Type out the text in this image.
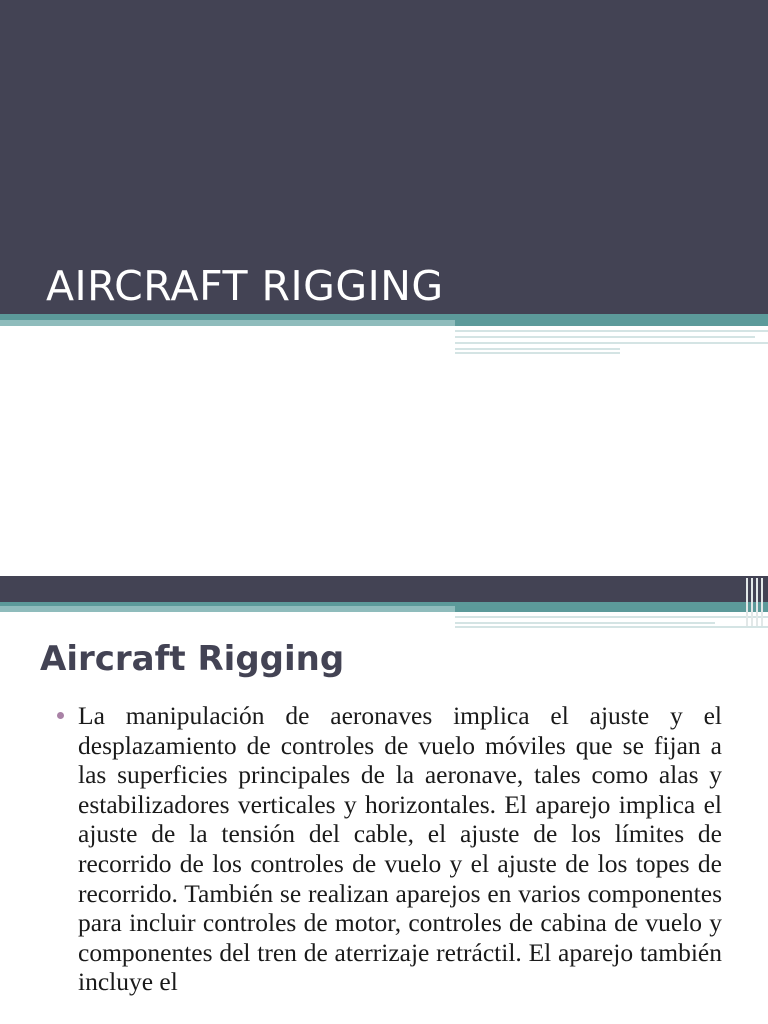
AIRCRAFT RIGGING
Aircraft Rigging

La manipulación de aeronaves implica el ajuste y el desplazamiento de controles de vuelo móviles que se fijan a las superficies principales de la aeronave, tales como alas y estabilizadores verticales y horizontales. El aparejo implica el ajuste de la tensión del cable, el ajuste de los límites de recorrido de los controles de vuelo y el ajuste de los topes de recorrido. También se realizan aparejos en varios componentes para incluir controles de motor, controles de cabina de vuelo y componentes del tren de aterrizaje retráctil. El aparejo también incluye el
